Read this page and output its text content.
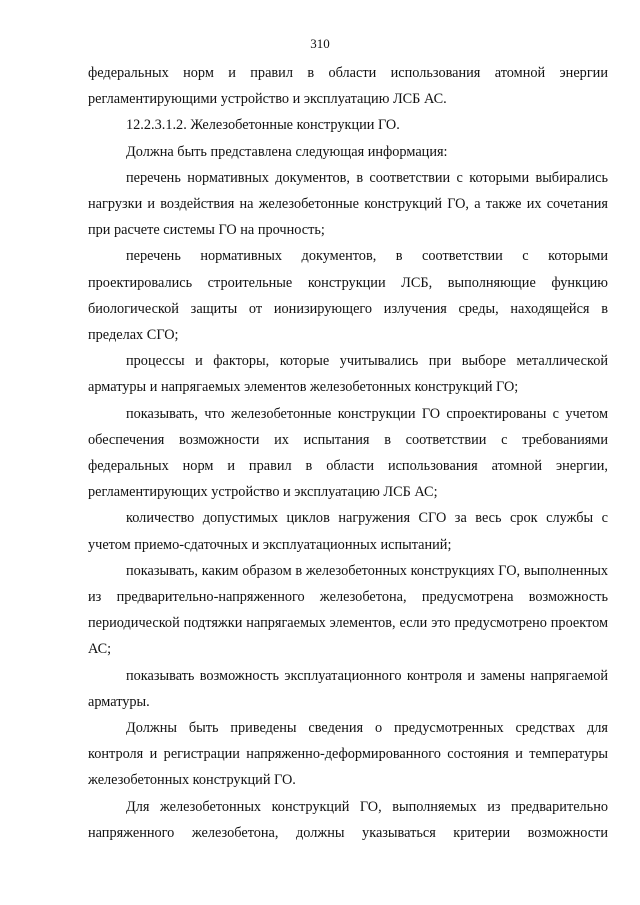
310

федеральных норм и правил в области использования атомной энергии регламентирующими устройство и эксплуатацию ЛСБ АС.

12.2.3.1.2. Железобетонные конструкции ГО.

Должна быть представлена следующая информация:

перечень нормативных документов, в соответствии с которыми выбирались нагрузки и воздействия на железобетонные конструкций ГО, а также их сочетания при расчете системы ГО на прочность;

перечень нормативных документов, в соответствии с которыми проектировались строительные конструкции ЛСБ, выполняющие функцию биологической защиты от ионизирующего излучения среды, находящейся в пределах СГО;

процессы и факторы, которые учитывались при выборе металлической арматуры и напрягаемых элементов железобетонных конструкций ГО;

показывать, что железобетонные конструкции ГО спроектированы с учетом обеспечения возможности их испытания в соответствии с требованиями федеральных норм и правил в области использования атомной энергии, регламентирующих устройство и эксплуатацию ЛСБ АС;

количество допустимых циклов нагружения СГО за весь срок службы с учетом приемо-сдаточных и эксплуатационных испытаний;

показывать, каким образом в железобетонных конструкциях ГО, выполненных из предварительно-напряженного железобетона, предусмотрена возможность периодической подтяжки напрягаемых элементов, если это предусмотрено проектом АС;

показывать возможность эксплуатационного контроля и замены напрягаемой арматуры.

Должны быть приведены сведения о предусмотренных средствах для контроля и регистрации напряженно-деформированного состояния и температуры железобетонных конструкций ГО.

Для железобетонных конструкций ГО, выполняемых из предварительно напряженного железобетона, должны указываться критерии возможности
